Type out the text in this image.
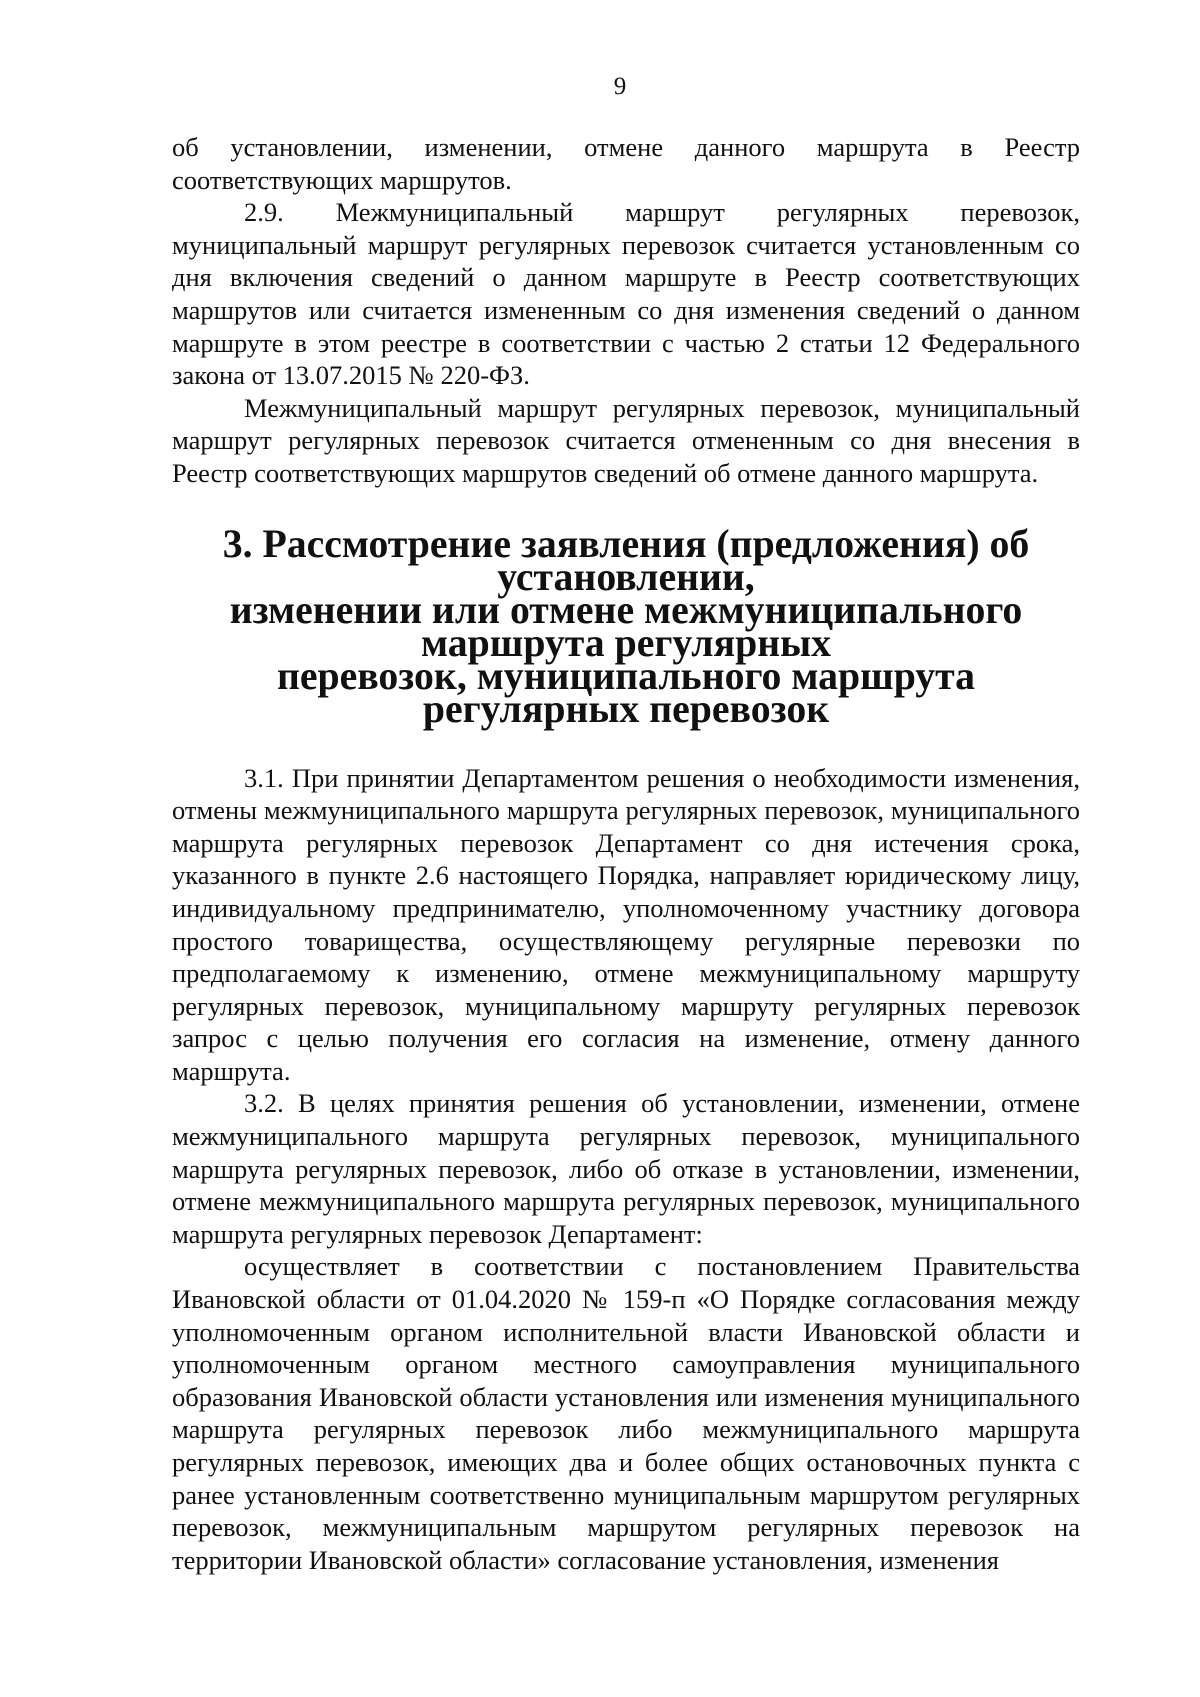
9

об установлении, изменении, отмене данного маршрута в Реестр соответствующих маршрутов.

2.9. Межмуниципальный маршрут регулярных перевозок, муниципальный маршрут регулярных перевозок считается установленным со дня включения сведений о данном маршруте в Реестр соответствующих маршрутов или считается измененным со дня изменения сведений о данном маршруте в этом реестре в соответствии с частью 2 статьи 12 Федерального закона от 13.07.2015 № 220-ФЗ.

Межмуниципальный маршрут регулярных перевозок, муниципальный маршрут регулярных перевозок считается отмененным со дня внесения в Реестр соответствующих маршрутов сведений об отмене данного маршрута.

3. Рассмотрение заявления (предложения) об установлении,
изменении или отмене межмуниципального маршрута регулярных
перевозок, муниципального маршрута регулярных перевозок

3.1. При принятии Департаментом решения о необходимости изменения, отмены межмуниципального маршрута регулярных перевозок, муниципального маршрута регулярных перевозок Департамент со дня истечения срока, указанного в пункте 2.6 настоящего Порядка, направляет юридическому лицу, индивидуальному предпринимателю, уполномоченному участнику договора простого товарищества, осуществляющему регулярные перевозки по предполагаемому к изменению, отмене межмуниципальному маршруту регулярных перевозок, муниципальному маршруту регулярных перевозок запрос с целью получения его согласия на изменение, отмену данного маршрута.

3.2. В целях принятия решения об установлении, изменении, отмене межмуниципального маршрута регулярных перевозок, муниципального маршрута регулярных перевозок, либо об отказе в установлении, изменении, отмене межмуниципального маршрута регулярных перевозок, муниципального маршрута регулярных перевозок Департамент:

осуществляет в соответствии с постановлением Правительства Ивановской области от 01.04.2020 № 159-п «О Порядке согласования между уполномоченным органом исполнительной власти Ивановской области и уполномоченным органом местного самоуправления муниципального образования Ивановской области установления или изменения муниципального маршрута регулярных перевозок либо межмуниципального маршрута регулярных перевозок, имеющих два и более общих остановочных пункта с ранее установленным соответственно муниципальным маршрутом регулярных перевозок, межмуниципальным маршрутом регулярных перевозок на территории Ивановской области» согласование установления, изменения
